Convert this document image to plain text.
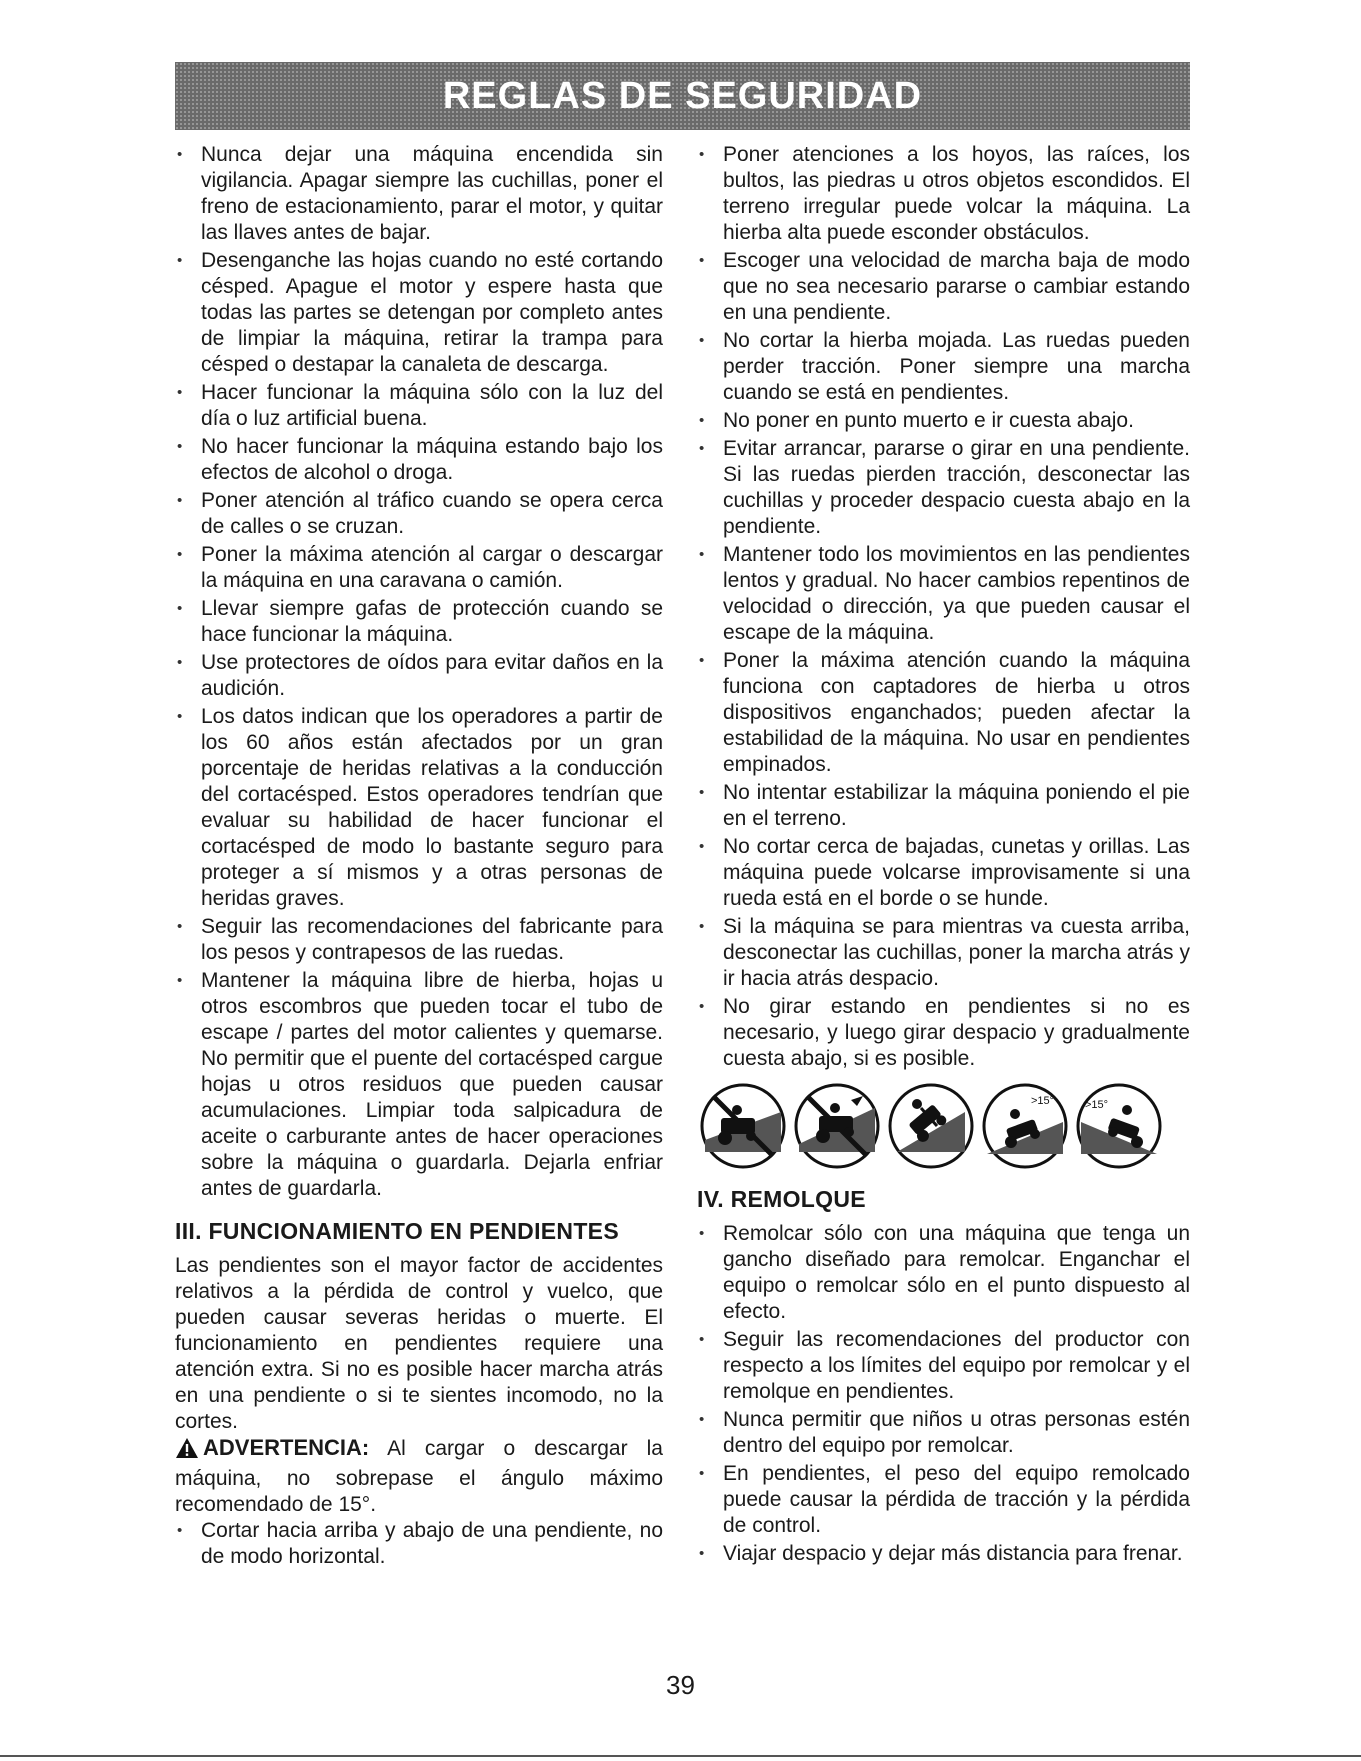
REGLAS DE SEGURIDAD
• Nunca dejar una máquina encendida sin vigilancia. Apagar siempre las cuchillas, poner el freno de estacionamiento, parar el motor, y quitar las llaves antes de bajar.
• Desenganche las hojas cuando no esté cortando césped. Apague el motor y espere hasta que todas las partes se detengan por completo antes de limpiar la máquina, retirar la trampa para césped o destapar la canaleta de descarga.
• Hacer funcionar la máquina sólo con la luz del día o luz artificial buena.
• No hacer funcionar la máquina estando bajo los efectos de alcohol o droga.
• Poner atención al tráfico cuando se opera cerca de calles o se cruzan.
• Poner la máxima atención al cargar o descargar la máquina en una caravana o camión.
• Llevar siempre gafas de protección cuando se hace funcionar la máquina.
• Use protectores de oídos para evitar daños en la audición.
• Los datos indican que los operadores a partir de los 60 años están afectados por un gran porcentaje de heridas relativas a la conducción del cortacésped. Estos operadores tendrían que evaluar su habilidad de hacer funcionar el cortacésped de modo lo bastante seguro para proteger a sí mismos y a otras personas de heridas graves.
• Seguir las recomendaciones del fabricante para los pesos y contrapesos de las ruedas.
• Mantener la máquina libre de hierba, hojas u otros escombros que pueden tocar el tubo de escape / partes del motor calientes y quemarse. No permitir que el puente del cortacésped cargue hojas u otros residuos que pueden causar acumulaciones. Limpiar toda salpicadura de aceite o carburante antes de hacer operaciones sobre la máquina o guardarla. Dejarla enfriar antes de guardarla.
III. FUNCIONAMIENTO EN PENDIENTES

Las pendientes son el mayor factor de accidentes relativos a la pérdida de control y vuelco, que pueden causar severas heridas o muerte. El funcionamiento en pendientes requiere una atención extra. Si no es posible hacer marcha atrás en una pendiente o si te sientes incomodo, no la cortes.

ADVERTENCIA: Al cargar o descargar la máquina, no sobrepase el ángulo máximo recomendado de 15°.

• Cortar hacia arriba y abajo de una pendiente, no de modo horizontal.
• Poner atenciones a los hoyos, las raíces, los bultos, las piedras u otros objetos escondidos. El terreno irregular puede volcar la máquina. La hierba alta puede esconder obstáculos.
• Escoger una velocidad de marcha baja de modo que no sea necesario pararse o cambiar estando en una pendiente.
• No cortar la hierba mojada. Las ruedas pueden perder tracción. Poner siempre una marcha cuando se está en pendientes.
• No poner en punto muerto e ir cuesta abajo.
• Evitar arrancar, pararse o girar en una pendiente. Si las ruedas pierden tracción, desconectar las cuchillas y proceder despacio cuesta abajo en la pendiente.
• Mantener todo los movimientos en las pendientes lentos y gradual. No hacer cambios repentinos de velocidad o dirección, ya que pueden causar el escape de la máquina.
• Poner la máxima atención cuando la máquina funciona con captadores de hierba u otros dispositivos enganchados; pueden afectar la estabilidad de la máquina. No usar en pendientes empinados.
• No intentar estabilizar la máquina poniendo el pie en el terreno.
• No cortar cerca de bajadas, cunetas y orillas. Las máquina puede volcarse improvisamente si una rueda está en el borde o se hunde.
• Si la máquina se para mientras va cuesta arriba, desconectar las cuchillas, poner la marcha atrás y ir hacia atrás despacio.
• No girar estando en pendientes si no es necesario, y luego girar despacio y gradualmente cuesta abajo, si es posible.
>15°	>15°
IV. REMOLQUE
• Remolcar sólo con una máquina que tenga un gancho diseñado para remolcar. Enganchar el equipo o remolcar sólo en el punto dispuesto al efecto.
• Seguir las recomendaciones del productor con respecto a los límites del equipo por remolcar y el remolque en pendientes.
• Nunca permitir que niños u otras personas estén dentro del equipo por remolcar.
• En pendientes, el peso del equipo remolcado puede causar la pérdida de tracción y la pérdida de control.
• Viajar despacio y dejar más distancia para frenar.
39
